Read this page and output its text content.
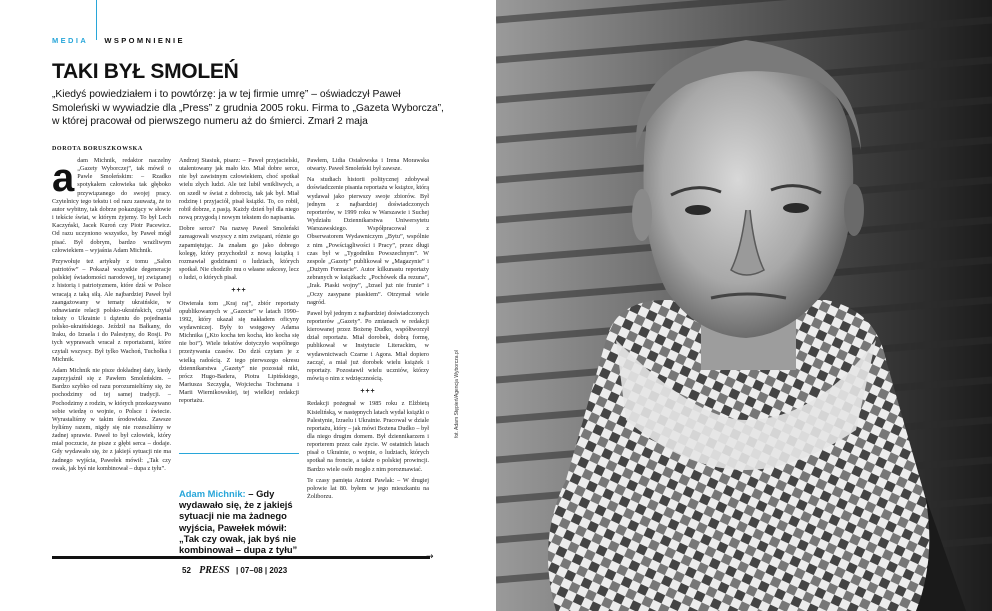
MEDIA WSPOMNIENIE
TAKI BYŁ SMOLEŃ

„Kiedyś powiedziałem i to powtórzę: ja w tej firmie umrę” – oświadczył Paweł Smoleński w wywiadzie dla „Press” z grudnia 2005 roku. Firma to „Gazeta Wyborcza”, w której pracował od pierwszego numeru aż do śmierci. Zmarł 2 maja

DOROTA BORUSZKOWSKA

adam Michnik, redaktor naczelny „Gazety Wyborczej”, tak mówił o Pawle Smoleńskim: – Rzadko spotykałem człowieka tak głęboko przywiązanego do swojej pracy. Czytelnicy tego tekstu i od razu zauważą, że to autor wybitny, tak dobrze pokazujący w słowie i tekście świat, w którym żyjemy. To był Lech Kaczyński, Jacek Kuroń czy Piotr Pacewicz. Od razu uczyniono wszystko, by Paweł mógł pisać. Był dobrym, bardzo wrażliwym człowiekiem – wyjaśnia Adam Michnik.

Przywołuje też artykuły z tomu „Salon patriotów” – Pokazał wszystkie degeneracje polskiej świadomości narodowej, tej związanej z historią i patriotyzmem, które dziś w Polsce wracają z taką siłą. Ale najbardziej Paweł był zaangażowany w tematy ukraińskie, w odnawianie relacji polsko-ukraińskich, czytał teksty o Ukrainie i dążeniu do pojednania polsko-ukraińskiego. Jeździł na Bałkany, do Iraku, do Izraela i do Palestyny, do Rosji. Po tych wyprawach wracał z reportażami, które czytali wszyscy. Był tylko Wachoń, Tuchołka i Michnik.

Adam Michnik nie pisze dokładnej daty, kiedy zaprzyjaźnił się z Pawłem Smoleńskim. – Bardzo szybko od razu porozumieliśmy się, że pochodzimy od tej samej tradycji. – Pochodzimy z rodzin, w których przekazywano sobie wiedzę o wojnie, o Polsce i świecie. Wyrastaliśmy w takim środowisku. Zawsze byliśmy razem, nigdy się nie rozeszliśmy w żadnej sprawie. Paweł to był człowiek, który miał poczucie, że pisze z głębi serca – dodaje. Gdy wydawało się, że z jakiejś sytuacji nie ma żadnego wyjścia, Pawełek mówił: „Tak czy owak, jak byś nie kombinował – dupa z tyłu”.

Andrzej Stasiuk, pisarz: – Paweł przyjacielski, utalentowany jak mało kto. Miał dobre serce, nie był zawistnym człowiekiem, choć spotkał wielu złych ludzi. Ale też lubił wnikliwych, a on szedł w świat z dobrocią, tak jak był. Miał rodzinę i przyjaciół, pisał książki. To, co robił, robił dobrze, z pasją. Każdy dzień był dla niego nową przygodą i nowym tekstem do napisania.

Dobre serce? Na nazwę Paweł Smoleński zareagowali wszyscy z nim związani, różnie go zapamiętując. Ja znałam go jako dobrego kolegę, który przychodził z nową książką i rozmawiał godzinami o ludziach, których spotkał. Nie chodziło mu o własne sukcesy, lecz o ludzi, o których pisał.

+++

Otwierała tom „Kraj raj”, zbiór reportaży opublikowanych w „Gazecie” w latach 1990–1992, który ukazał się nakładem oficyny wydawniczej. Były to wstęgowy Adama Michnika („Kto kocha ten kocha, kto kocha się nie boi”). Wiele tekstów dotyczyło wspólnego przeżywania czasów. Do dziś czytam je z wielką radością. Z tego pierwszego okresu dziennikarstwa „Gazety” nie pozostał nikt, prócz Hugo-Badera, Piotra Lipińskiego, Mariusza Szczygła, Wojciecha Tochmana i Marii Wiernikowskiej, tej wielkiej redakcji reportażu.

Adam Michnik: – Gdy wydawało się, że z jakiejś sytuacji nie ma żadnego wyjścia, Pawełek mówił: „Tak czy owak, jak byś nie kombinował – dupa z tyłu”

Pawłem, Lidia Ostałowska i Irena Morawska otwarty. Paweł Smoleński był zawsze.

Na studiach historii politycznej zdobywał doświadczenie pisania reportażu w książce, którą wydawał jako pierwszy swoje zbiorów. Był jednym z najbardziej doświadczonych reporterów, w 1999 roku w Warszawie i Suchej Wydziału Dziennikarstwa Uniwersytetu Warszawskiego. Współpracował z Obserwatorem Wydawniczym „Bytu”, wspólnie z nim „Powściągliwości i Pracy”, przez długi czas był w „Tygodniku Powszechnym”. W zespole „Gazety” publikował w „Magazynie” i „Dużym Formacie”. Autor kilkunastu reportaży zebranych w książkach: „Pochówek dla rezuna”, „Irak. Piaski wojny”, „Izrael już nie frunie” i „Oczy zasypane piaskiem”. Otrzymał wiele nagród.

Paweł był jednym z najbardziej doświadczonych reporterów „Gazety”. Po zmianach w redakcji kierowanej przez Bożenę Dudko, współtworzył dział reportażu. Miał dorobek, dobrą formę, publikował w Instytucie Literackim, w wydawnictwach Czarne i Agora. Miał dopiero zacząć, a miał już dorobek wielu książek i reportaży. Pozostawił wielu uczniów, którzy mówią o nim z wdzięcznością.

+++

Redakcji pożegnał w 1985 roku z Elżbietą Kisielińską, w następnych latach wydał książki o Palestynie, Izraelu i Ukrainie. Pracował w dziale reportażu, który – jak mówi Bożena Dudko – był dla niego drugim domem. Był dziennikarzem i reporterem przez całe życie. W ostatnich latach pisał o Ukrainie, o wojnie, o ludziach, których spotkał na froncie, a także o polskiej prowincji. Bardzo wiele osób mogło z nim porozmawiać.

Te czasy pamięta Antoni Pawlak: – W drugiej połowie lat 80. byłem w jego mieszkaniu na Żoliborzu.

→
52 PRESS | 07–08 | 2023
fot. Adam Stępień/Agencja Wyborcza.pl
